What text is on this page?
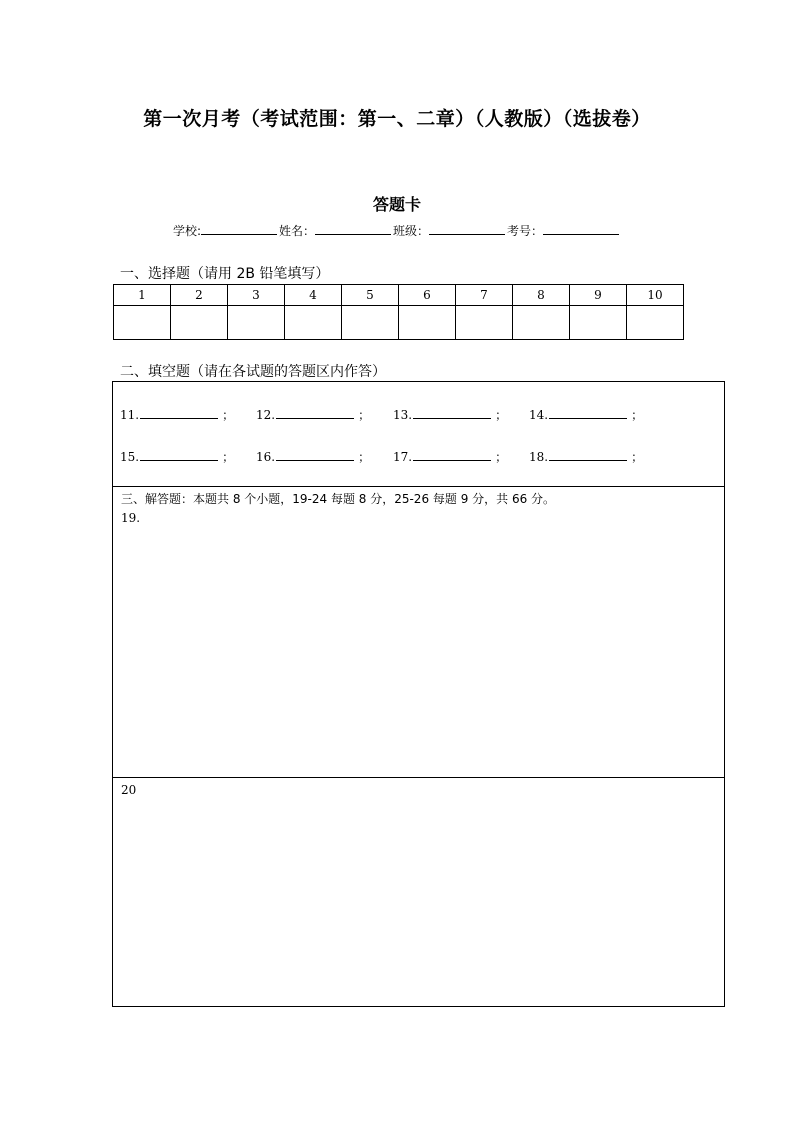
第一次月考（考试范围：第一、二章）（人教版）（选拔卷）
答题卡
学校:	姓名：	班级：	考号：
一、选择题（请用 2B 铅笔填写）
1	2	3	4	5	6	7	8	9	10

二、填空题（请在各试题的答题区内作答）
11.	； 12.	； 13.	； 14.	；
15.	； 16.	； 17.	； 18.	；
三、解答题：本题共 8 个小题，19-24 每题 8 分，25-26 每题 9 分，共 66 分。
19.
20
